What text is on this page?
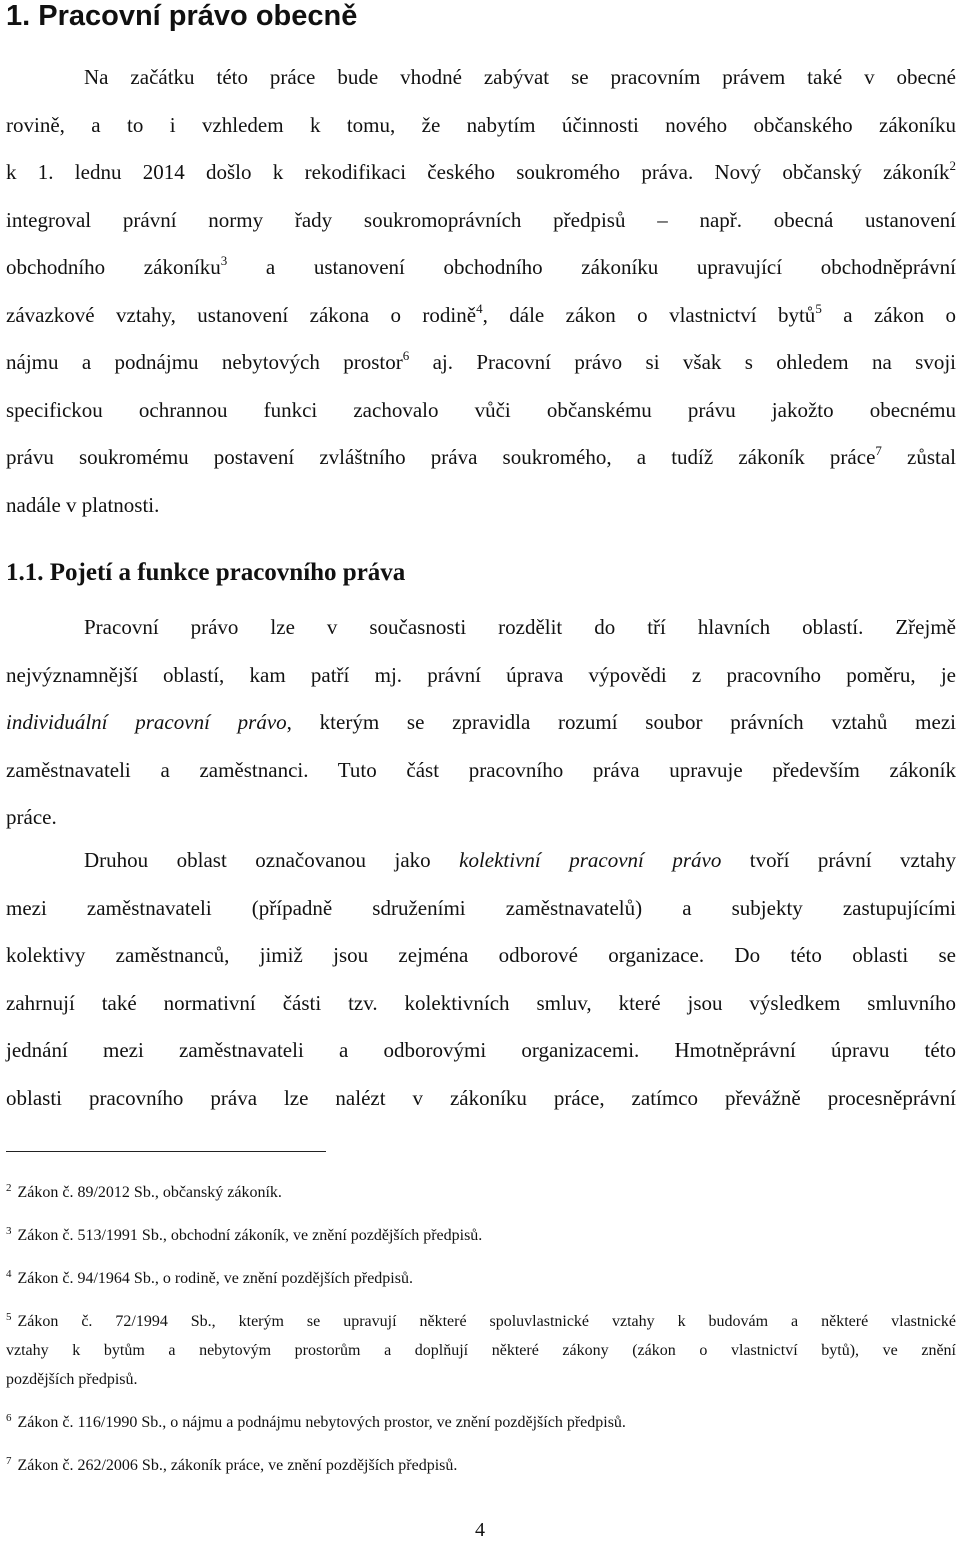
1. Pracovní právo obecně
Na začátku této práce bude vhodné zabývat se pracovním právem také v obecné
rovině, a to i vzhledem k tomu, že nabytím účinnosti nového občanského zákoníku
k 1. lednu 2014 došlo k rekodifikaci českého soukromého práva. Nový občanský zákoník$^2$
integroval právní normy řady soukromoprávních předpisů – např. obecná ustanovení
obchodního zákoníku$^3$ a ustanovení obchodního zákoníku upravující obchodněprávní
závazkové vztahy, ustanovení zákona o rodině$^4$, dále zákon o vlastnictví bytů$^5$ a zákon o
nájmu a podnájmu nebytových prostor$^6$ aj. Pracovní právo si však s ohledem na svoji
specifickou ochrannou funkci zachovalo vůči občanskému právu jakožto obecnému
právu soukromému postavení zvláštního práva soukromého, a tudíž zákoník práce$^7$ zůstal
nadále v platnosti.
1.1. Pojetí a funkce pracovního práva
Pracovní právo lze v současnosti rozdělit do tří hlavních oblastí. Zřejmě
nejvýznamnější oblastí, kam patří mj. právní úprava výpovědi z pracovního poměru, je
individuální pracovní právo, kterým se zpravidla rozumí soubor právních vztahů mezi
zaměstnavateli a zaměstnanci. Tuto část pracovního práva upravuje především zákoník
práce.
Druhou oblast označovanou jako kolektivní pracovní právo tvoří právní vztahy
mezi zaměstnavateli (případně sdruženími zaměstnavatelů) a subjekty zastupujícími
kolektivy zaměstnanců, jimiž jsou zejména odborové organizace. Do této oblasti se
zahrnují také normativní části tzv. kolektivních smluv, které jsou výsledkem smluvního
jednání mezi zaměstnavateli a odborovými organizacemi. Hmotněprávní úpravu této
oblasti pracovního práva lze nalézt v zákoníku práce, zatímco převážně procesněprávní

$^2$ Zákon č. 89/2012 Sb., občanský zákoník.

$^3$ Zákon č. 513/1991 Sb., obchodní zákoník, ve znění pozdějších předpisů.

$^4$ Zákon č. 94/1964 Sb., o rodině, ve znění pozdějších předpisů.

$^5$ Zákon č. 72/1994 Sb., kterým se upravují některé spoluvlastnické vztahy k budovám a některé vlastnické
vztahy k bytům a nebytovým prostorům a doplňují některé zákony (zákon o vlastnictví bytů), ve znění
pozdějších předpisů.

$^6$ Zákon č. 116/1990 Sb., o nájmu a podnájmu nebytových prostor, ve znění pozdějších předpisů.

$^7$ Zákon č. 262/2006 Sb., zákoník práce, ve znění pozdějších předpisů.

4
